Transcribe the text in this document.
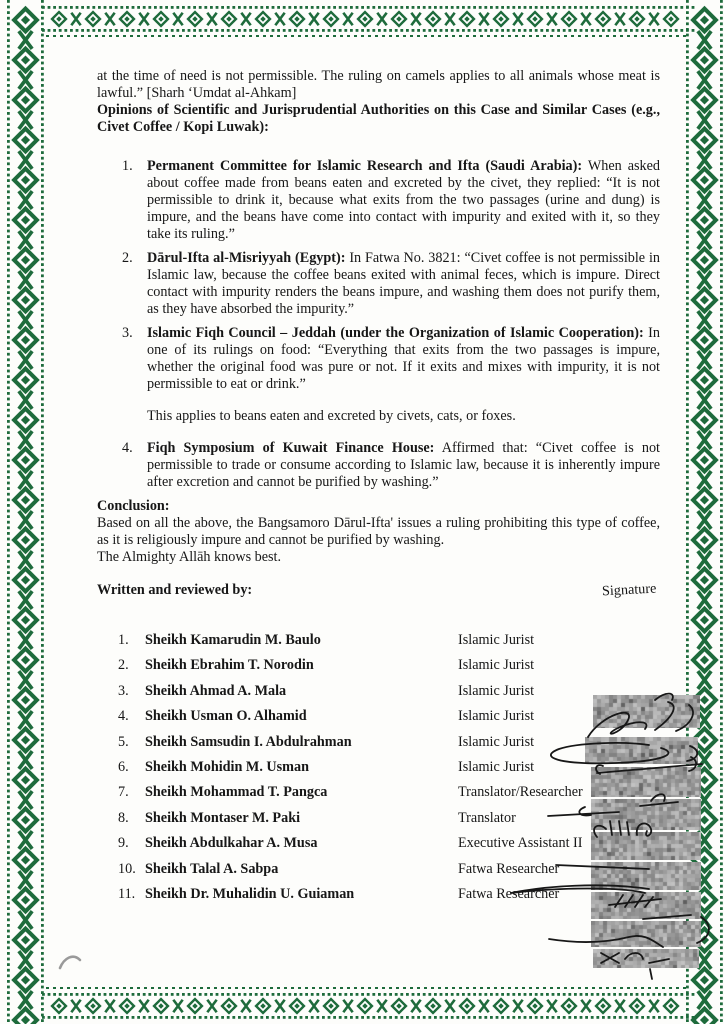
at the time of need is not permissible. The ruling on camels applies to all animals whose meat is lawful.” [Sharh ‘Umdat al-Ahkam]

Opinions of Scientific and Jurisprudential Authorities on this Case and Similar Cases (e.g., Civet Coffee / Kopi Luwak):

1.	Permanent Committee for Islamic Research and Ifta (Saudi Arabia): When asked about coffee made from beans eaten and excreted by the civet, they replied: “It is not permissible to drink it, because what exits from the two passages (urine and dung) is impure, and the beans have come into contact with impurity and exited with it, so they take its ruling.”
2.	Dārul-Ifta al-Misriyyah (Egypt): In Fatwa No. 3821: “Civet coffee is not permissible in Islamic law, because the coffee beans exited with animal feces, which is impure. Direct contact with impurity renders the beans impure, and washing them does not purify them, as they have absorbed the impurity.”
3.	Islamic Fiqh Council – Jeddah (under the Organization of Islamic Cooperation): In one of its rulings on food: “Everything that exits from the two passages is impure, whether the original food was pure or not. If it exits and mixes with impurity, it is not permissible to eat or drink.”
This applies to beans eaten and excreted by civets, cats, or foxes.
4.	Fiqh Symposium of Kuwait Finance House: Affirmed that: “Civet coffee is not permissible to trade or consume according to Islamic law, because it is inherently impure after excretion and cannot be purified by washing.”

Conclusion:

Based on all the above, the Bangsamoro Dārul-Ifta' issues a ruling prohibiting this type of coffee, as it is religiously impure and cannot be purified by washing.

The Almighty Allāh knows best.

Written and reviewed by:	Signature
1.	Sheikh Kamarudin M. Baulo	Islamic Jurist
2.	Sheikh Ebrahim T. Norodin	Islamic Jurist
3.	Sheikh Ahmad A. Mala	Islamic Jurist
4.	Sheikh Usman O. Alhamid	Islamic Jurist
5.	Sheikh Samsudin I. Abdulrahman	Islamic Jurist
6.	Sheikh Mohidin M. Usman	Islamic Jurist
7.	Sheikh Mohammad T. Pangca	Translator/Researcher
8.	Sheikh Montaser M. Paki	Translator
9.	Sheikh Abdulkahar A. Musa	Executive Assistant II
10. Sheikh Talal A. Sabpa	Fatwa Researcher
11. Sheikh Dr. Muhalidin U. Guiaman	Fatwa Researcher
